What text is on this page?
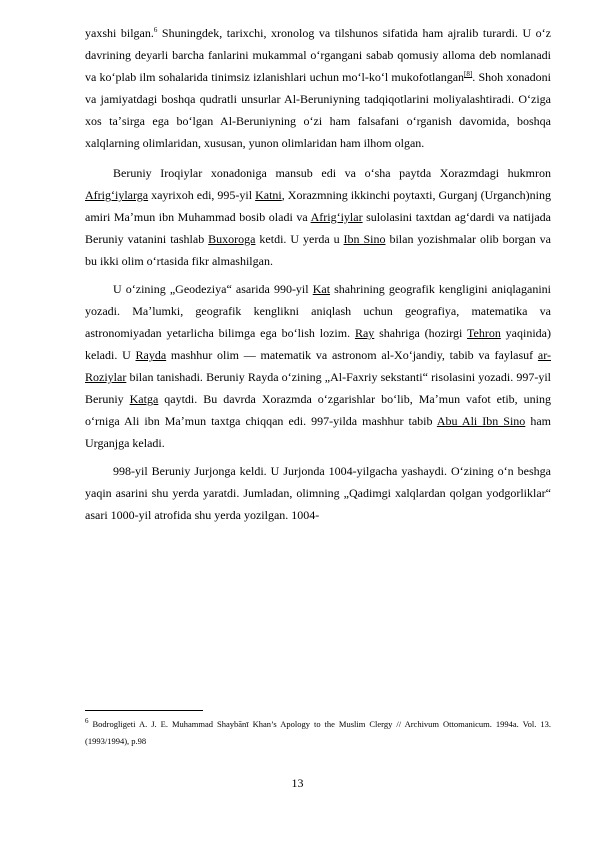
yaxshi bilgan.$^6$ Shuningdek, tarixchi, xronolog va tilshunos sifatida ham ajralib turardi. U oʻz davrining deyarli barcha fanlarini mukammal oʻrgangani sabab qomusiy alloma deb nomlanadi va koʻplab ilm sohalarida tinimsiz izlanishlari uchun moʻl-koʻl mukofotlangan[8]. Shoh xonadoni va jamiyatdagi boshqa qudratli unsurlar Al-Beruniyning tadqiqotlarini moliyalashtiradi. Oʻziga xos taʼsirga ega boʻlgan Al-Beruniyning oʻzi ham falsafani oʻrganish davomida, boshqa xalqlarning olimlaridan, xususan, yunon olimlaridan ham ilhom olgan.

Beruniy Iroqiylar xonadoniga mansub edi va oʻsha paytda Xorazmdagi hukmron Afrigʻiylarga xayrixoh edi, 995-yil Katni, Xorazmning ikkinchi poytaxti, Gurganj (Urganch)ning amiri Maʼmun ibn Muhammad bosib oladi va Afrigʻiylar sulolasini taxtdan agʻdardi va natijada Beruniy vatanini tashlab Buxoroga ketdi. U yerda u Ibn Sino bilan yozishmalar olib borgan va bu ikki olim oʻrtasida fikr almashilgan.

U oʻzining „Geodeziya“ asarida 990-yil Kat shahrining geografik kengligini aniqlaganini yozadi. Maʼlumki, geografik kenglikni aniqlash uchun geografiya, matematika va astronomiyadan yetarlicha bilimga ega boʻlish lozim. Ray shahriga (hozirgi Tehron yaqinida) keladi. U Rayda mashhur olim — matematik va astronom al-Xoʻjandiy, tabib va faylasuf ar-Roziylar bilan tanishadi. Beruniy Rayda oʻzining „Al-Faxriy sekstanti“ risolasini yozadi. 997-yil Beruniy Katga qaytdi. Bu davrda Xorazmda oʻzgarishlar boʻlib, Maʼmun vafot etib, uning oʻrniga Ali ibn Maʼmun taxtga chiqqan edi. 997-yilda mashhur tabib Abu Ali Ibn Sino ham Urganjga keladi.

998-yil Beruniy Jurjonga keldi. U Jurjonda 1004-yilgacha yashaydi. Oʻzining oʻn beshga yaqin asarini shu yerda yaratdi. Jumladan, olimning „Qadimgi xalqlardan qolgan yodgorliklar“ asari 1000-yil atrofida shu yerda yozilgan. 1004-

$^6$ Bodrogligeti A. J. E. Muhammad Shaybānī Khan’s Apology to the Muslim Clergy // Archivum Ottomanicum. 1994a. Vol. 13. (1993/1994), p.98

13
